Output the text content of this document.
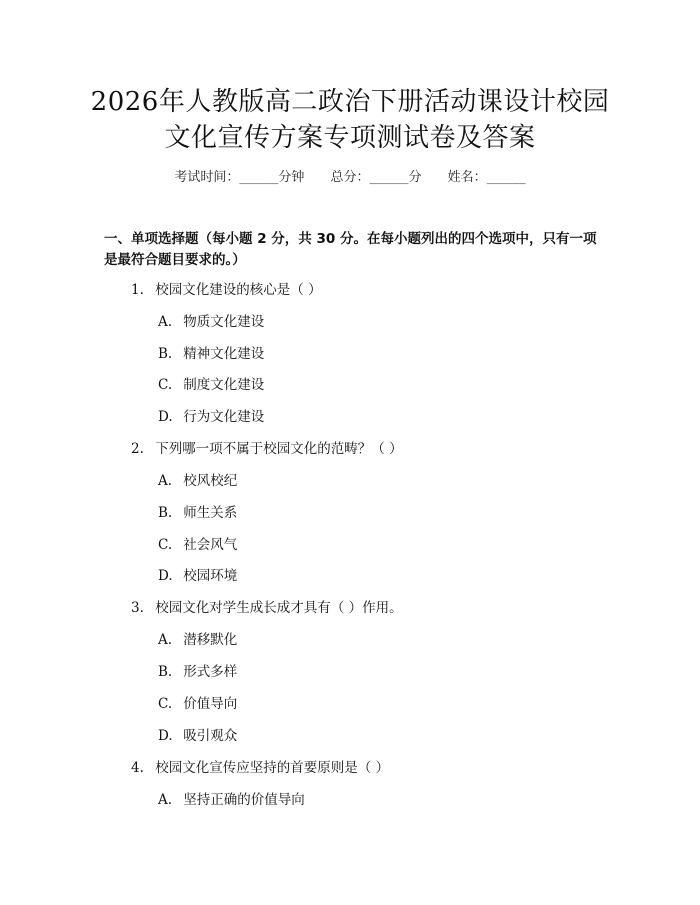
2026年人教版高二政治下册活动课设计校园
文化宣传方案专项测试卷及答案
考试时间：______分钟 总分：______分 姓名：______
一、单项选择题（每小题 2 分，共 30 分。在每小题列出的四个选项中，只有一项是最符合题目要求的。）
1. 校园文化建设的核心是（ ）
A. 物质文化建设
B. 精神文化建设
C. 制度文化建设
D. 行为文化建设
2. 下列哪一项不属于校园文化的范畴？（ ）
A. 校风校纪
B. 师生关系
C. 社会风气
D. 校园环境
3. 校园文化对学生成长成才具有（ ）作用。
A. 潜移默化
B. 形式多样
C. 价值导向
D. 吸引观众
4. 校园文化宣传应坚持的首要原则是（ ）
A. 坚持正确的价值导向
